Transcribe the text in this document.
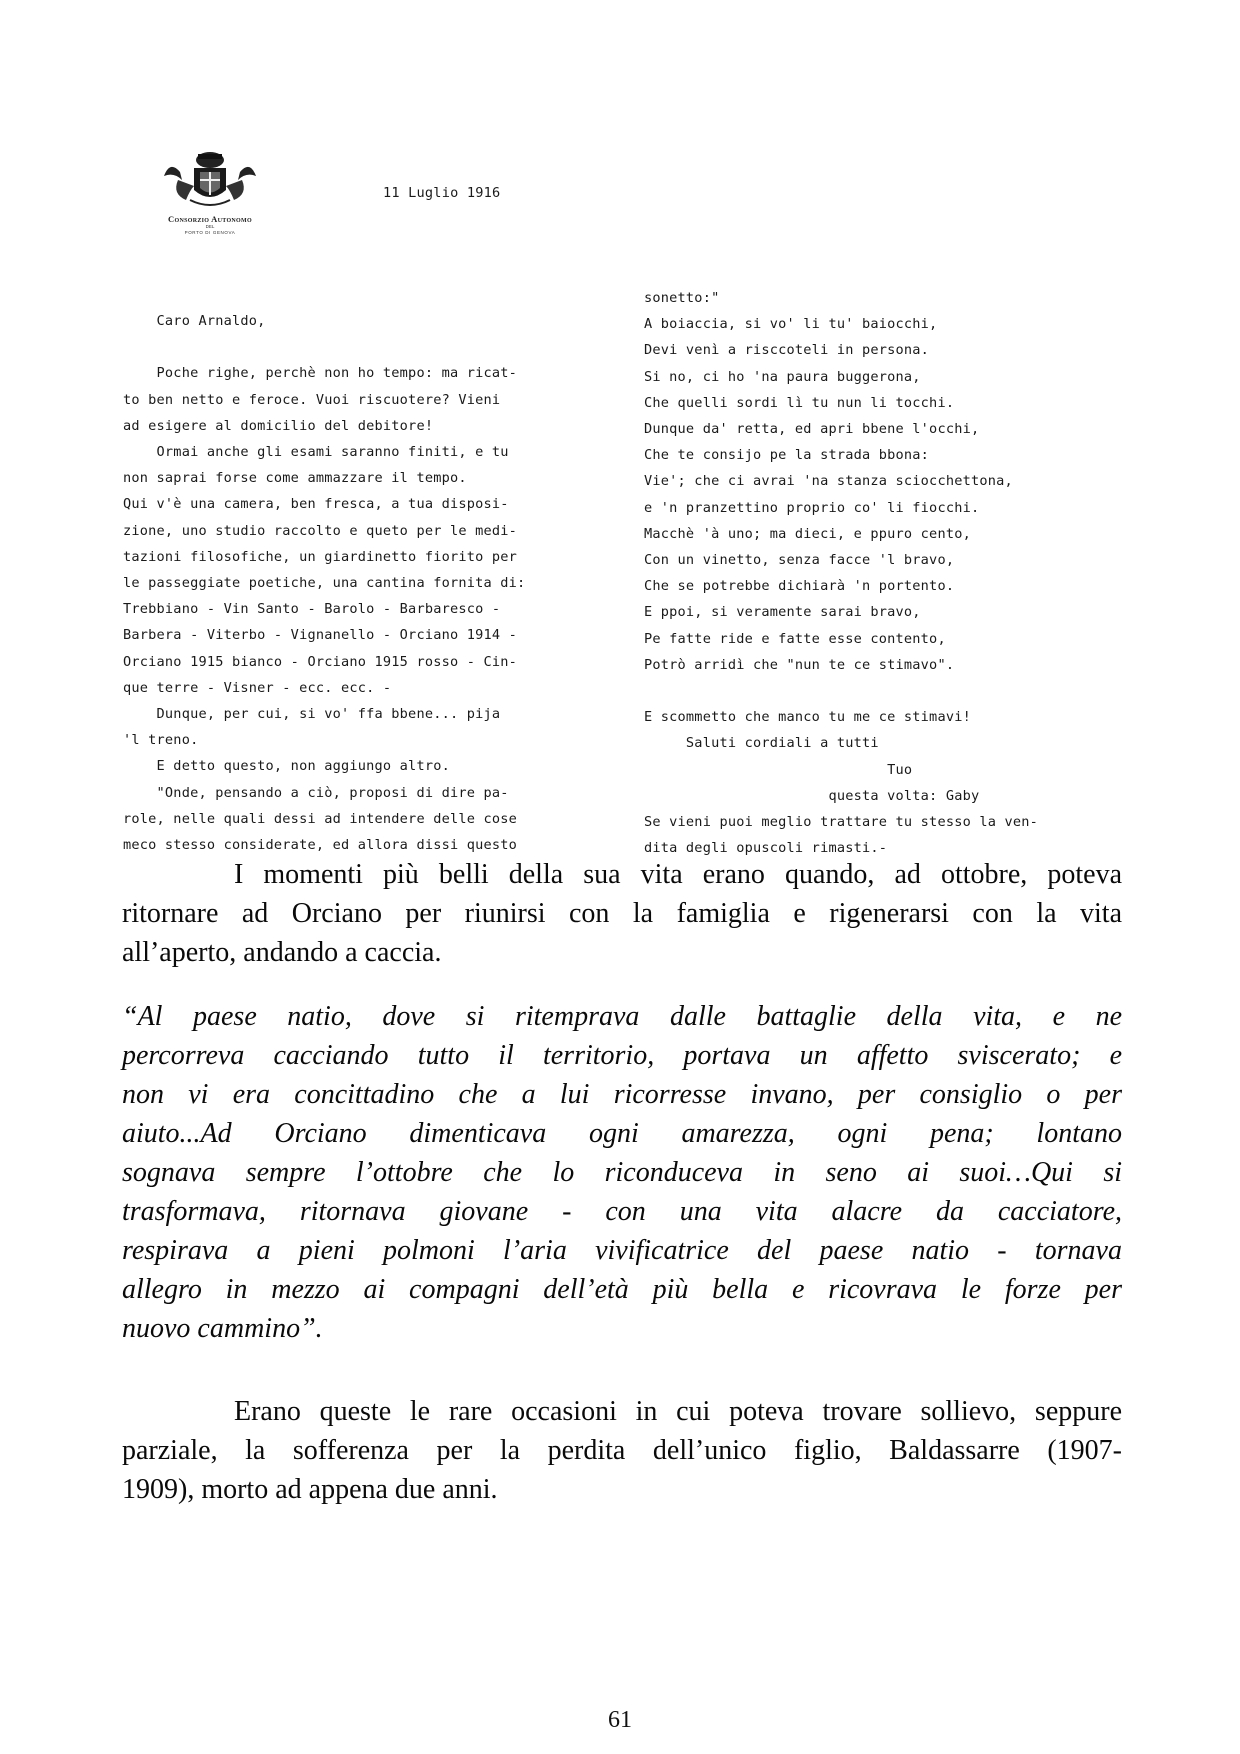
Consorzio Autonomo
DEL
PORTO DI GENOVA
11 Luglio 1916
Caro Arnaldo,

Poche righe, perchè non ho tempo: ma ricat-
to ben netto e feroce. Vuoi riscuotere? Vieni
ad esigere al domicilio del debitore!
Ormai anche gli esami saranno finiti, e tu
non saprai forse come ammazzare il tempo.
Qui v'è una camera, ben fresca, a tua disposi-
zione, uno studio raccolto e queto per le medi-
tazioni filosofiche, un giardinetto fiorito per
le passeggiate poetiche, una cantina fornita di:
Trebbiano - Vin Santo - Barolo - Barbaresco -
Barbera - Viterbo - Vignanello - Orciano 1914 -
Orciano 1915 bianco - Orciano 1915 rosso - Cin-
que terre - Visner - ecc. ecc. -
Dunque, per cui, si vo' ffa bbene... pija
'l treno.
E detto questo, non aggiungo altro.
"Onde, pensando a ciò, proposi di dire pa-
role, nelle quali dessi ad intendere delle cose
meco stesso considerate, ed allora dissi questo
sonetto:"
A boiaccia, si vo' li tu' baiocchi,
Devi venì a risccoteli in persona.
Si no, ci ho 'na paura buggerona,
Che quelli sordi lì tu nun li tocchi.
Dunque da' retta, ed apri bbene l'occhi,
Che te consijo pe la strada bbona:
Vie'; che ci avrai 'na stanza sciocchettona,
e 'n pranzettino proprio co' li fiocchi.
Macchè 'à uno; ma dieci, e ppuro cento,
Con un vinetto, senza facce 'l bravo,
Che se potrebbe dichiarà 'n portento.
E ppoi, si veramente sarai bravo,
Pe fatte ride e fatte esse contento,
Potrò arridì che "nun te ce stimavo".

E scommetto che manco tu me ce stimavi!
Saluti cordiali a tutti
Tuo
questa volta: Gaby
Se vieni puoi meglio trattare tu stesso la ven-
dita degli opuscoli rimasti.-
I momenti più belli della sua vita erano quando, ad ottobre, poteva
ritornare ad Orciano per riunirsi con la famiglia e rigenerarsi con la vita
all’aperto, andando a caccia.
“Al paese natio, dove si ritemprava dalle battaglie della vita, e ne
percorreva cacciando tutto il territorio, portava un affetto sviscerato; e
non vi era concittadino che a lui ricorresse invano, per consiglio o per
aiuto...Ad Orciano dimenticava ogni amarezza, ogni pena; lontano
sognava sempre l’ottobre che lo riconduceva in seno ai suoi…Qui si
trasformava, ritornava giovane - con una vita alacre da cacciatore,
respirava a pieni polmoni l’aria vivificatrice del paese natio - tornava
allegro in mezzo ai compagni dell’età più bella e ricovrava le forze per
nuovo cammino”.
Erano queste le rare occasioni in cui poteva trovare sollievo, seppure
parziale, la sofferenza per la perdita dell’unico figlio, Baldassarre (1907-
1909), morto ad appena due anni.
61
